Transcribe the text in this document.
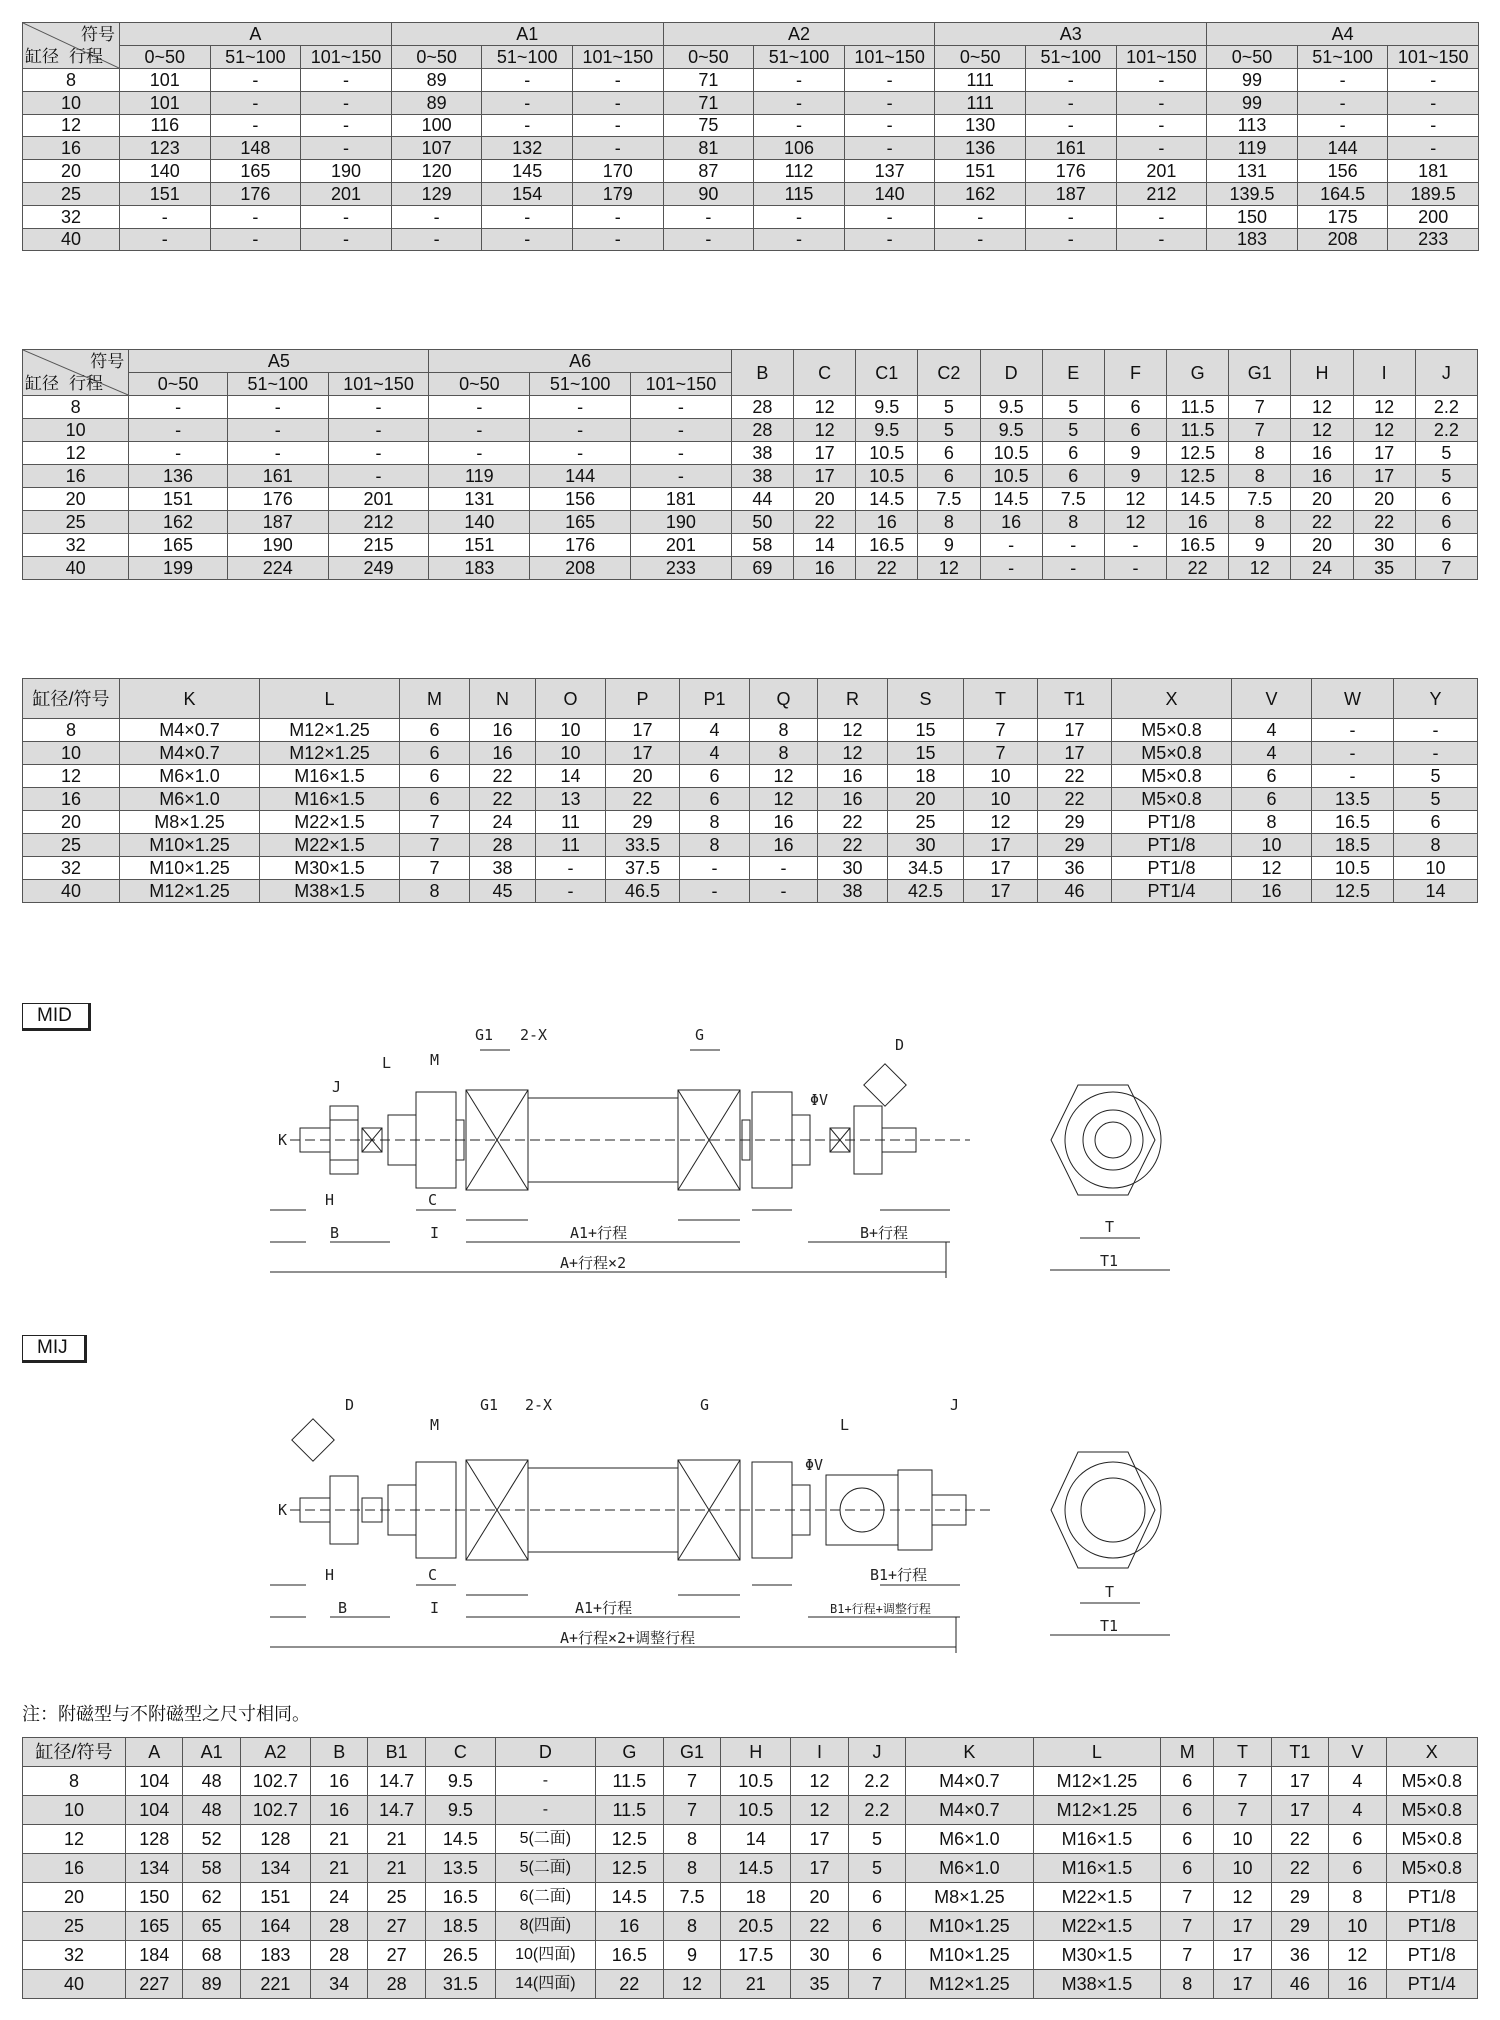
符号
缸径 行程	A			A1			A2			A3			A4		
	0~50	51~100	101~150	0~50	51~100	101~150	0~50	51~100	101~150	0~50	51~100	101~150	0~50	51~100	101~150
8	101	-	-	89	-	-	71	-	-	111	-	-	99	-	-
10	101	-	-	89	-	-	71	-	-	111	-	-	99	-	-
12	116	-	-	100	-	-	75	-	-	130	-	-	113	-	-
16	123	148	-	107	132	-	81	106	-	136	161	-	119	144	-
20	140	165	190	120	145	170	87	112	137	151	176	201	131	156	181
25	151	176	201	129	154	179	90	115	140	162	187	212	139.5	164.5	189.5
32	-	-	-	-	-	-	-	-	-	-	-	-	150	175	200
40	-	-	-	-	-	-	-	-	-	-	-	-	183	208	233
符号
缸径 行程	A5			A6			B	C	C1	C2	D	E	F	G	G1	H	I	J
	0~50	51~100	101~150	0~50	51~100	101~150												
8	-	-	-	-	-	-	28	12	9.5	5	9.5	5	6	11.5	7	12	12	2.2
10	-	-	-	-	-	-	28	12	9.5	5	9.5	5	6	11.5	7	12	12	2.2
12	-	-	-	-	-	-	38	17	10.5	6	10.5	6	9	12.5	8	16	17	5
16	136	161	-	119	144	-	38	17	10.5	6	10.5	6	9	12.5	8	16	17	5
20	151	176	201	131	156	181	44	20	14.5	7.5	14.5	7.5	12	14.5	7.5	20	20	6
25	162	187	212	140	165	190	50	22	16	8	16	8	12	16	8	22	22	6
32	165	190	215	151	176	201	58	14	16.5	9	-	-	-	16.5	9	20	30	6
40	199	224	249	183	208	233	69	16	22	12	-	-	-	22	12	24	35	7
缸径/符号	K	L	M	N	O	P	P1	Q	R	S	T	T1	X	V	W	Y
8	M4×0.7	M12×1.25	6	16	10	17	4	8	12	15	7	17	M5×0.8	4	-	-
10	M4×0.7	M12×1.25	6	16	10	17	4	8	12	15	7	17	M5×0.8	4	-	-
12	M6×1.0	M16×1.5	6	22	14	20	6	12	16	18	10	22	M5×0.8	6	-	5
16	M6×1.0	M16×1.5	6	22	13	22	6	12	16	20	10	22	M5×0.8	6	13.5	5
20	M8×1.25	M22×1.5	7	24	11	29	8	16	22	25	12	29	PT1/8	8	16.5	6
25	M10×1.25	M22×1.5	7	28	11	33.5	8	16	22	30	17	29	PT1/8	10	18.5	8
32	M10×1.25	M30×1.5	7	38	-	37.5	-	-	30	34.5	17	36	PT1/8	12	10.5	10
40	M12×1.25	M38×1.5	8	45	-	46.5	-	-	38	42.5	17	46	PT1/4	16	12.5	14
MID
G1 2-X	G
D
L	M
J
K
ΦV
H	C
I
B	A1+行程	B+行程
A+行程×2
T
T1
MIJ
D	G1 2-X	G	J
M	L
K
ΦV
H	C
I
B	A1+行程
B1+行程
B1+行程+调整行程
A+行程×2+调整行程
T
T1
注：附磁型与不附磁型之尺寸相同。
缸径/符号	A	A1	A2	B	B1	C	D	G	G1	H	I	J	K	L	M	T	T1	V	X
8	104	48	102.7	16	14.7	9.5	-	11.5	7	10.5	12	2.2	M4×0.7	M12×1.25	6	7	17	4	M5×0.8
10	104	48	102.7	16	14.7	9.5	-	11.5	7	10.5	12	2.2	M4×0.7	M12×1.25	6	7	17	4	M5×0.8
12	128	52	128	21	21	14.5	5(二面)	12.5	8	14	17	5	M6×1.0	M16×1.5	6	10	22	6	M5×0.8
16	134	58	134	21	21	13.5	5(二面)	12.5	8	14.5	17	5	M6×1.0	M16×1.5	6	10	22	6	M5×0.8
20	150	62	151	24	25	16.5	6(二面)	14.5	7.5	18	20	6	M8×1.25	M22×1.5	7	12	29	8	PT1/8
25	165	65	164	28	27	18.5	8(四面)	16	8	20.5	22	6	M10×1.25	M22×1.5	7	17	29	10	PT1/8
32	184	68	183	28	27	26.5	10(四面)	16.5	9	17.5	30	6	M10×1.25	M30×1.5	7	17	36	12	PT1/8
40	227	89	221	34	28	31.5	14(四面)	22	12	21	35	7	M12×1.25	M38×1.5	8	17	46	16	PT1/4
